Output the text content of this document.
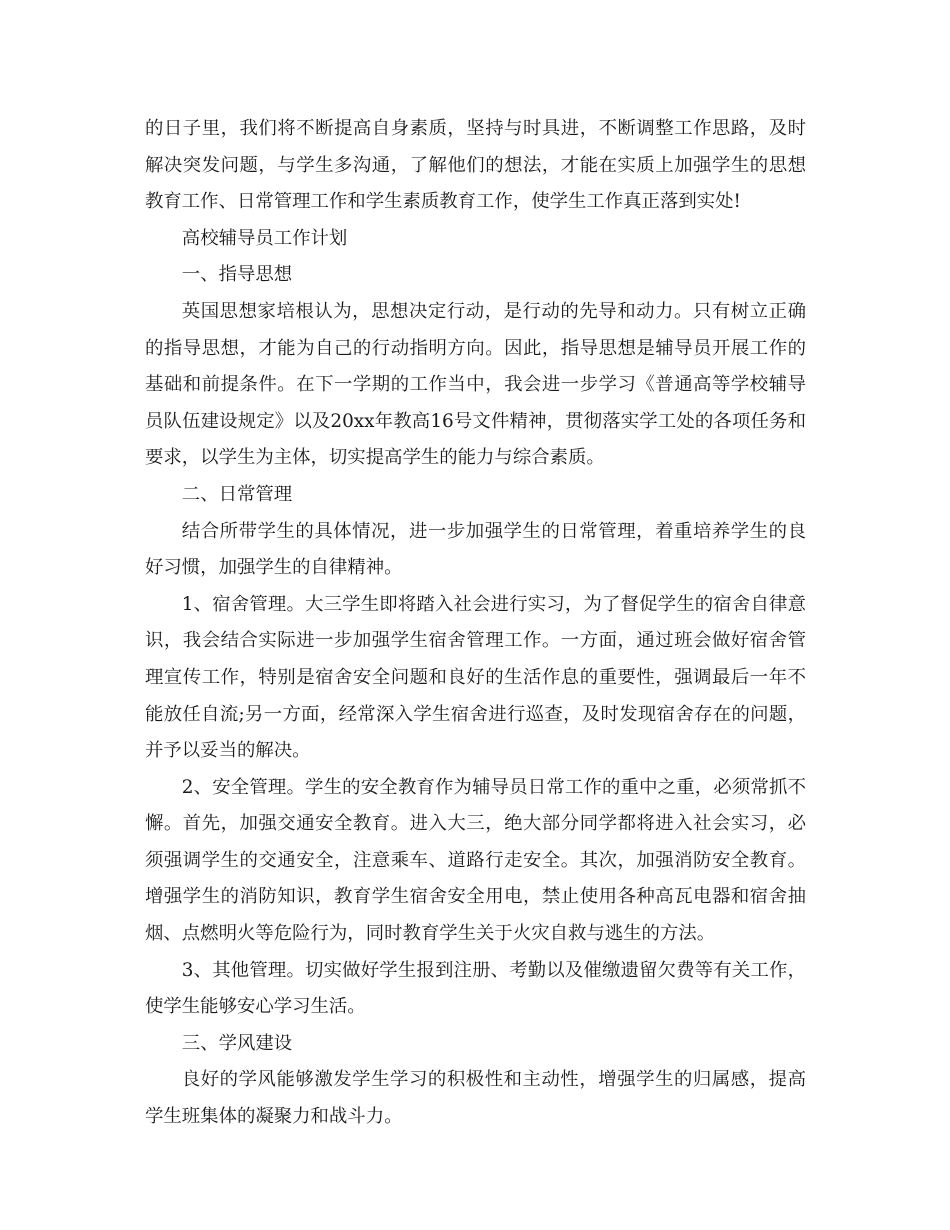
的日子里，我们将不断提高自身素质，坚持与时具进，不断调整工作思路，及时解决突发问题，与学生多沟通，了解他们的想法，才能在实质上加强学生的思想教育工作、日常管理工作和学生素质教育工作，使学生工作真正落到实处!

高校辅导员工作计划

一、指导思想

英国思想家培根认为，思想决定行动，是行动的先导和动力。只有树立正确的指导思想，才能为自己的行动指明方向。因此，指导思想是辅导员开展工作的基础和前提条件。在下一学期的工作当中，我会进一步学习《普通高等学校辅导员队伍建设规定》以及20xx年教高16号文件精神，贯彻落实学工处的各项任务和要求，以学生为主体，切实提高学生的能力与综合素质。

二、日常管理

结合所带学生的具体情况，进一步加强学生的日常管理，着重培养学生的良好习惯，加强学生的自律精神。

1、宿舍管理。大三学生即将踏入社会进行实习，为了督促学生的宿舍自律意识，我会结合实际进一步加强学生宿舍管理工作。一方面，通过班会做好宿舍管理宣传工作，特别是宿舍安全问题和良好的生活作息的重要性，强调最后一年不能放任自流;另一方面，经常深入学生宿舍进行巡查，及时发现宿舍存在的问题，并予以妥当的解决。

2、安全管理。学生的安全教育作为辅导员日常工作的重中之重，必须常抓不懈。首先，加强交通安全教育。进入大三，绝大部分同学都将进入社会实习，必须强调学生的交通安全，注意乘车、道路行走安全。其次，加强消防安全教育。增强学生的消防知识，教育学生宿舍安全用电，禁止使用各种高瓦电器和宿舍抽烟、点燃明火等危险行为，同时教育学生关于火灾自救与逃生的方法。

3、其他管理。切实做好学生报到注册、考勤以及催缴遗留欠费等有关工作，使学生能够安心学习生活。

三、学风建设

良好的学风能够激发学生学习的积极性和主动性，增强学生的归属感，提高学生班集体的凝聚力和战斗力。
